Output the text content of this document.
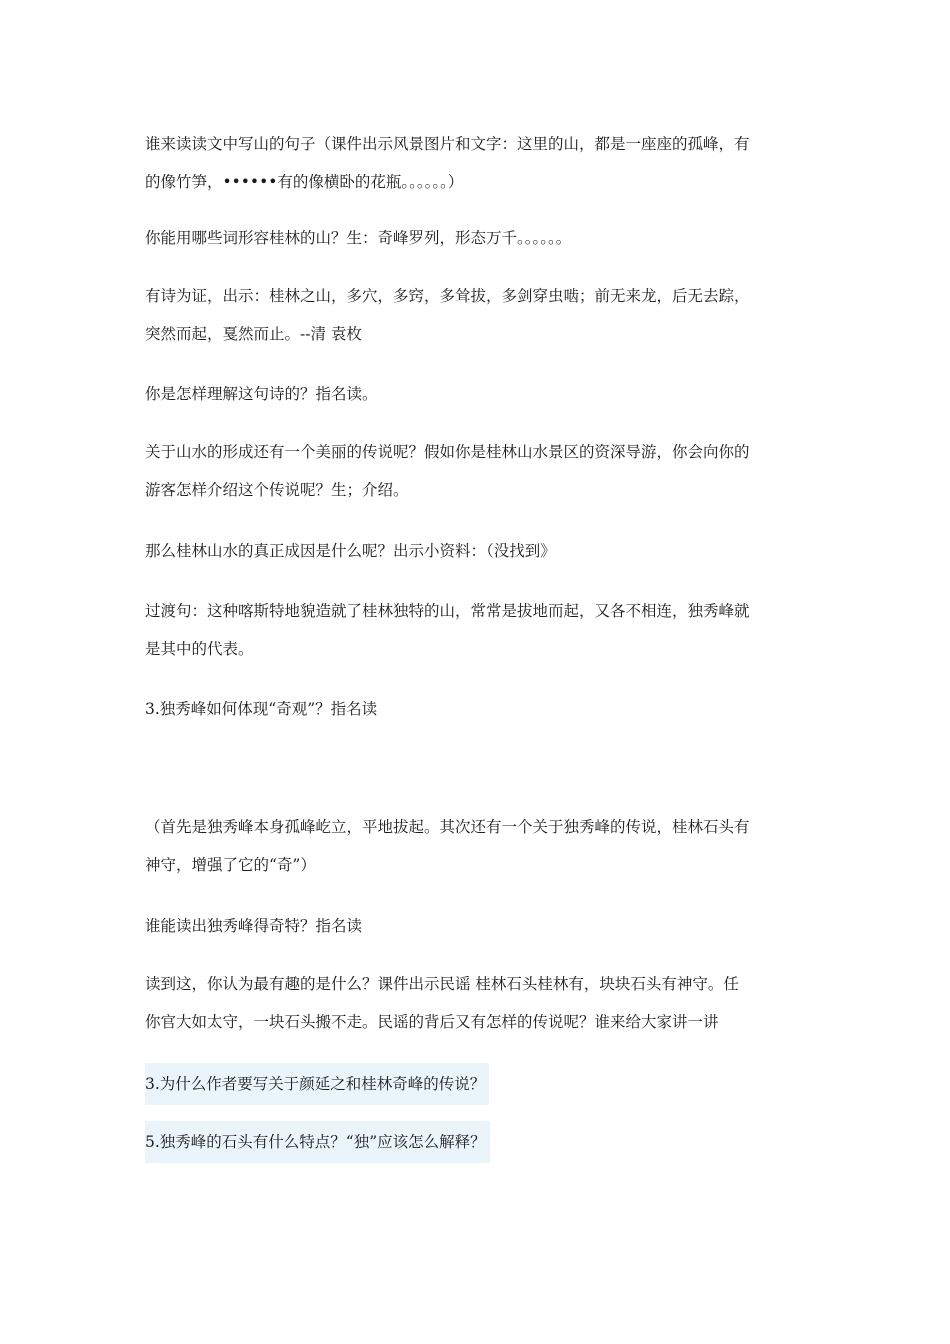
谁来读读文中写山的句子（课件出示风景图片和文字：这里的山，都是一座座的孤峰，有
的像竹笋，••••••有的像横卧的花瓶。。。。。。）
你能用哪些词形容桂林的山？生：奇峰罗列，形态万千。。。。。。
有诗为证，出示：桂林之山，多穴，多窍，多耸拔，多剑穿虫啮；前无来龙，后无去踪，
突然而起，戛然而止。--清 袁枚
你是怎样理解这句诗的？指名读。
关于山水的形成还有一个美丽的传说呢？假如你是桂林山水景区的资深导游，你会向你的
游客怎样介绍这个传说呢？生；介绍。
那么桂林山水的真正成因是什么呢？出示小资料：（没找到》
过渡句：这种喀斯特地貌造就了桂林独特的山，常常是拔地而起，又各不相连，独秀峰就
是其中的代表。
3.独秀峰如何体现“奇观”？指名读
（首先是独秀峰本身孤峰屹立，平地拔起。其次还有一个关于独秀峰的传说，桂林石头有
神守，增强了它的“奇”）
谁能读出独秀峰得奇特？指名读
读到这，你认为最有趣的是什么？课件出示民谣 桂林石头桂林有，块块石头有神守。任
你官大如太守，一块石头搬不走。民谣的背后又有怎样的传说呢？谁来给大家讲一讲
3.为什么作者要写关于颜延之和桂林奇峰的传说？
5.独秀峰的石头有什么特点？“独”应该怎么解释？
